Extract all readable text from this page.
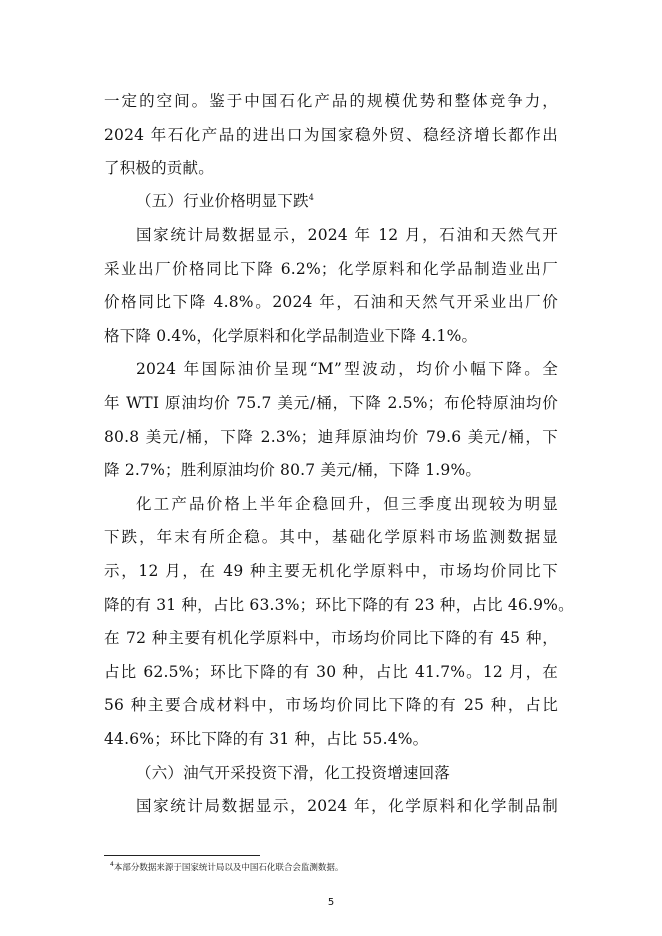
一定的空间。鉴于中国石化产品的规模优势和整体竞争力，
2024 年石化产品的进出口为国家稳外贸、稳经济增长都作出
了积极的贡献。
（五）行业价格明显下跌$^4$
国家统计局数据显示，2024 年 12 月，石油和天然气开
采业出厂价格同比下降 6.2%；化学原料和化学品制造业出厂
价格同比下降 4.8%。2024 年，石油和天然气开采业出厂价
格下降 0.4%，化学原料和化学品制造业下降 4.1%。
2024 年国际油价呈现“M”型波动，均价小幅下降。全
年 WTI 原油均价 75.7 美元/桶，下降 2.5%；布伦特原油均价
80.8 美元/桶，下降 2.3%；迪拜原油均价 79.6 美元/桶，下
降 2.7%；胜利原油均价 80.7 美元/桶，下降 1.9%。
化工产品价格上半年企稳回升，但三季度出现较为明显
下跌，年末有所企稳。其中，基础化学原料市场监测数据显
示，12 月，在 49 种主要无机化学原料中，市场均价同比下
降的有 31 种，占比 63.3%；环比下降的有 23 种，占比 46.9%。
在 72 种主要有机化学原料中，市场均价同比下降的有 45 种，
占比 62.5%；环比下降的有 30 种，占比 41.7%。12 月，在
56 种主要合成材料中，市场均价同比下降的有 25 种，占比
44.6%；环比下降的有 31 种，占比 55.4%。
（六）油气开采投资下滑，化工投资增速回落
国家统计局数据显示，2024 年，化学原料和化学制品制
$^4$本部分数据来源于国家统计局以及中国石化联合会监测数据。
5
